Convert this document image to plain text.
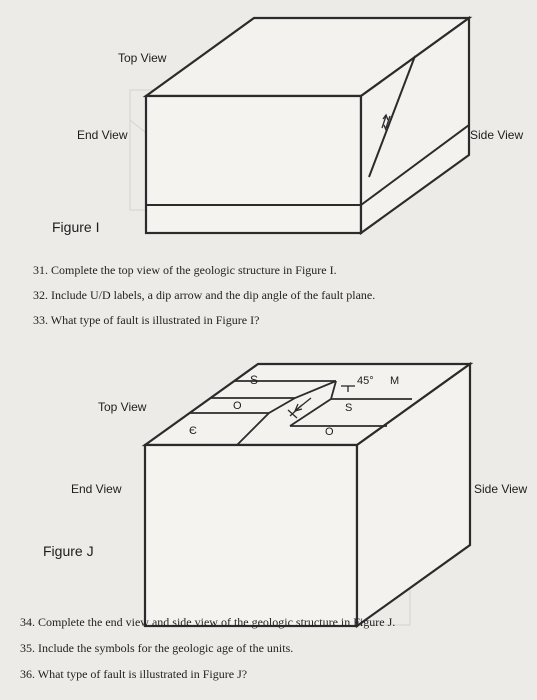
Top View
End View	Side View
Figure I
31. Complete the top view of the geologic structure in Figure I.
32. Include U/D labels, a dip arrow and the dip angle of the fault plane.
33. What type of fault is illustrated in Figure I?
Top View
End View	Side View
Figure J
S	45° M
O	S
Є	O
34. Complete the end view and side view of the geologic structure in Figure J.
35. Include the symbols for the geologic age of the units.
36. What type of fault is illustrated in Figure J?
